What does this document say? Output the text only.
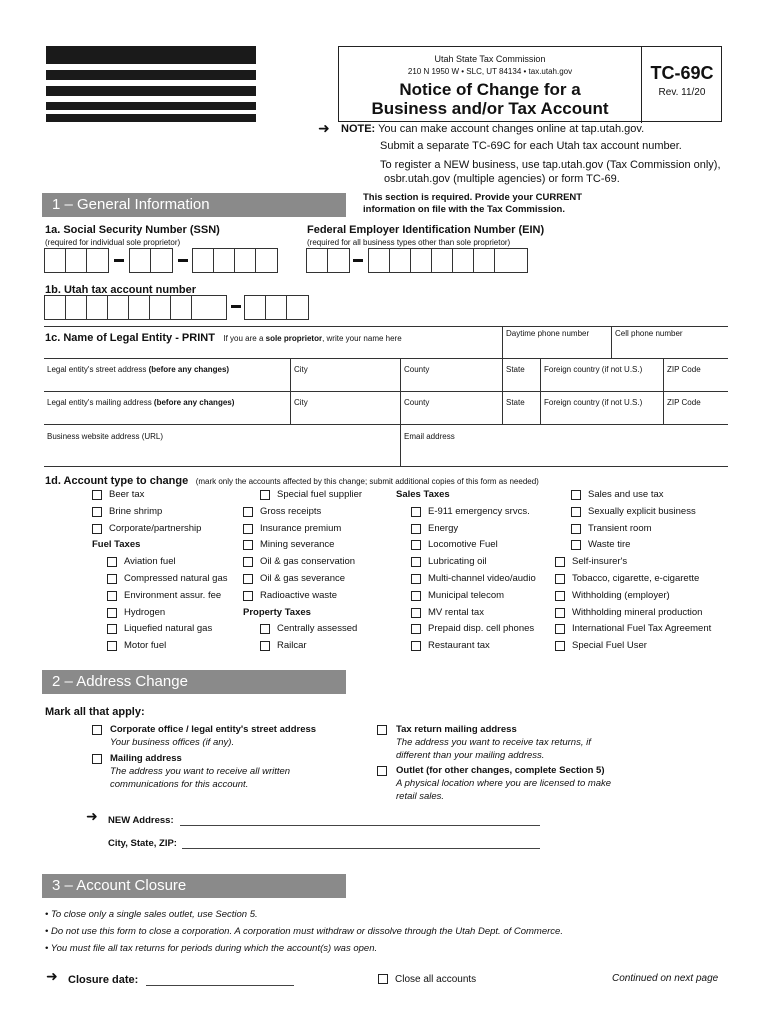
Utah State Tax Commission
210 N 1950 W • SLC, UT 84134 • tax.utah.gov
Notice of Change for a
Business and/or Tax Account
TC-69C
Rev. 11/20
➜ NOTE: You can make account changes online at tap.utah.gov.
Submit a separate TC-69C for each Utah tax account number.
To register a NEW business, use tap.utah.gov (Tax Commission only),
osbr.utah.gov (multiple agencies) or form TC-69.
1 – General Information	This section is required. Provide your CURRENT
information on file with the Tax Commission.
1a. Social Security Number (SSN)
(required for individual sole proprietor)
Federal Employer Identification Number (EIN)
(required for all business types other than sole proprietor)
1b. Utah tax account number
1c. Name of Legal Entity - PRINT If you are a sole proprietor, write your name here
Daytime phone number	Cell phone number
Legal entity's street address (before any changes)	City	County	State Foreign country (if not U.S.)	ZIP Code
Legal entity's mailing address (before any changes)	City	County	State Foreign country (if not U.S.)	ZIP Code
Business website address (URL)	Email address
1d. Account type to change (mark only the accounts affected by this change; submit additional copies of this form as needed)
Beer tax
Brine shrimp
Corporate/partnership
Fuel Taxes
Aviation fuel
Compressed natural gas
Environment assur. fee
Hydrogen
Liquefied natural gas
Motor fuel
Special fuel supplier
Gross receipts
Insurance premium
Mining severance
Oil & gas conservation
Oil & gas severance
Radioactive waste
Property Taxes
Centrally assessed
Railcar
Sales Taxes
E-911 emergency srvcs.
Energy
Locomotive Fuel
Lubricating oil
Multi-channel video/audio
Municipal telecom
MV rental tax
Prepaid disp. cell phones
Restaurant tax
Sales and use tax
Sexually explicit business
Transient room
Waste tire
Self-insurer's
Tobacco, cigarette, e-cigarette
Withholding (employer)
Withholding mineral production
International Fuel Tax Agreement
Special Fuel User
2 – Address Change
Mark all that apply:
Corporate office / legal entity's street address
Your business offices (if any).
Mailing address
The address you want to receive all written
communications for this account.
Tax return mailing address
The address you want to receive tax returns, if
different than your mailing address.
Outlet (for other changes, complete Section 5)
A physical location where you are licensed to make
retail sales.
➜ NEW Address:
City, State, ZIP:
3 – Account Closure
• To close only a single sales outlet, use Section 5.
• Do not use this form to close a corporation. A corporation must withdraw or dissolve through the Utah Dept. of Commerce.
• You must file all tax returns for periods during which the account(s) was open.
➜ Closure date:	Close all accounts	Continued on next page
